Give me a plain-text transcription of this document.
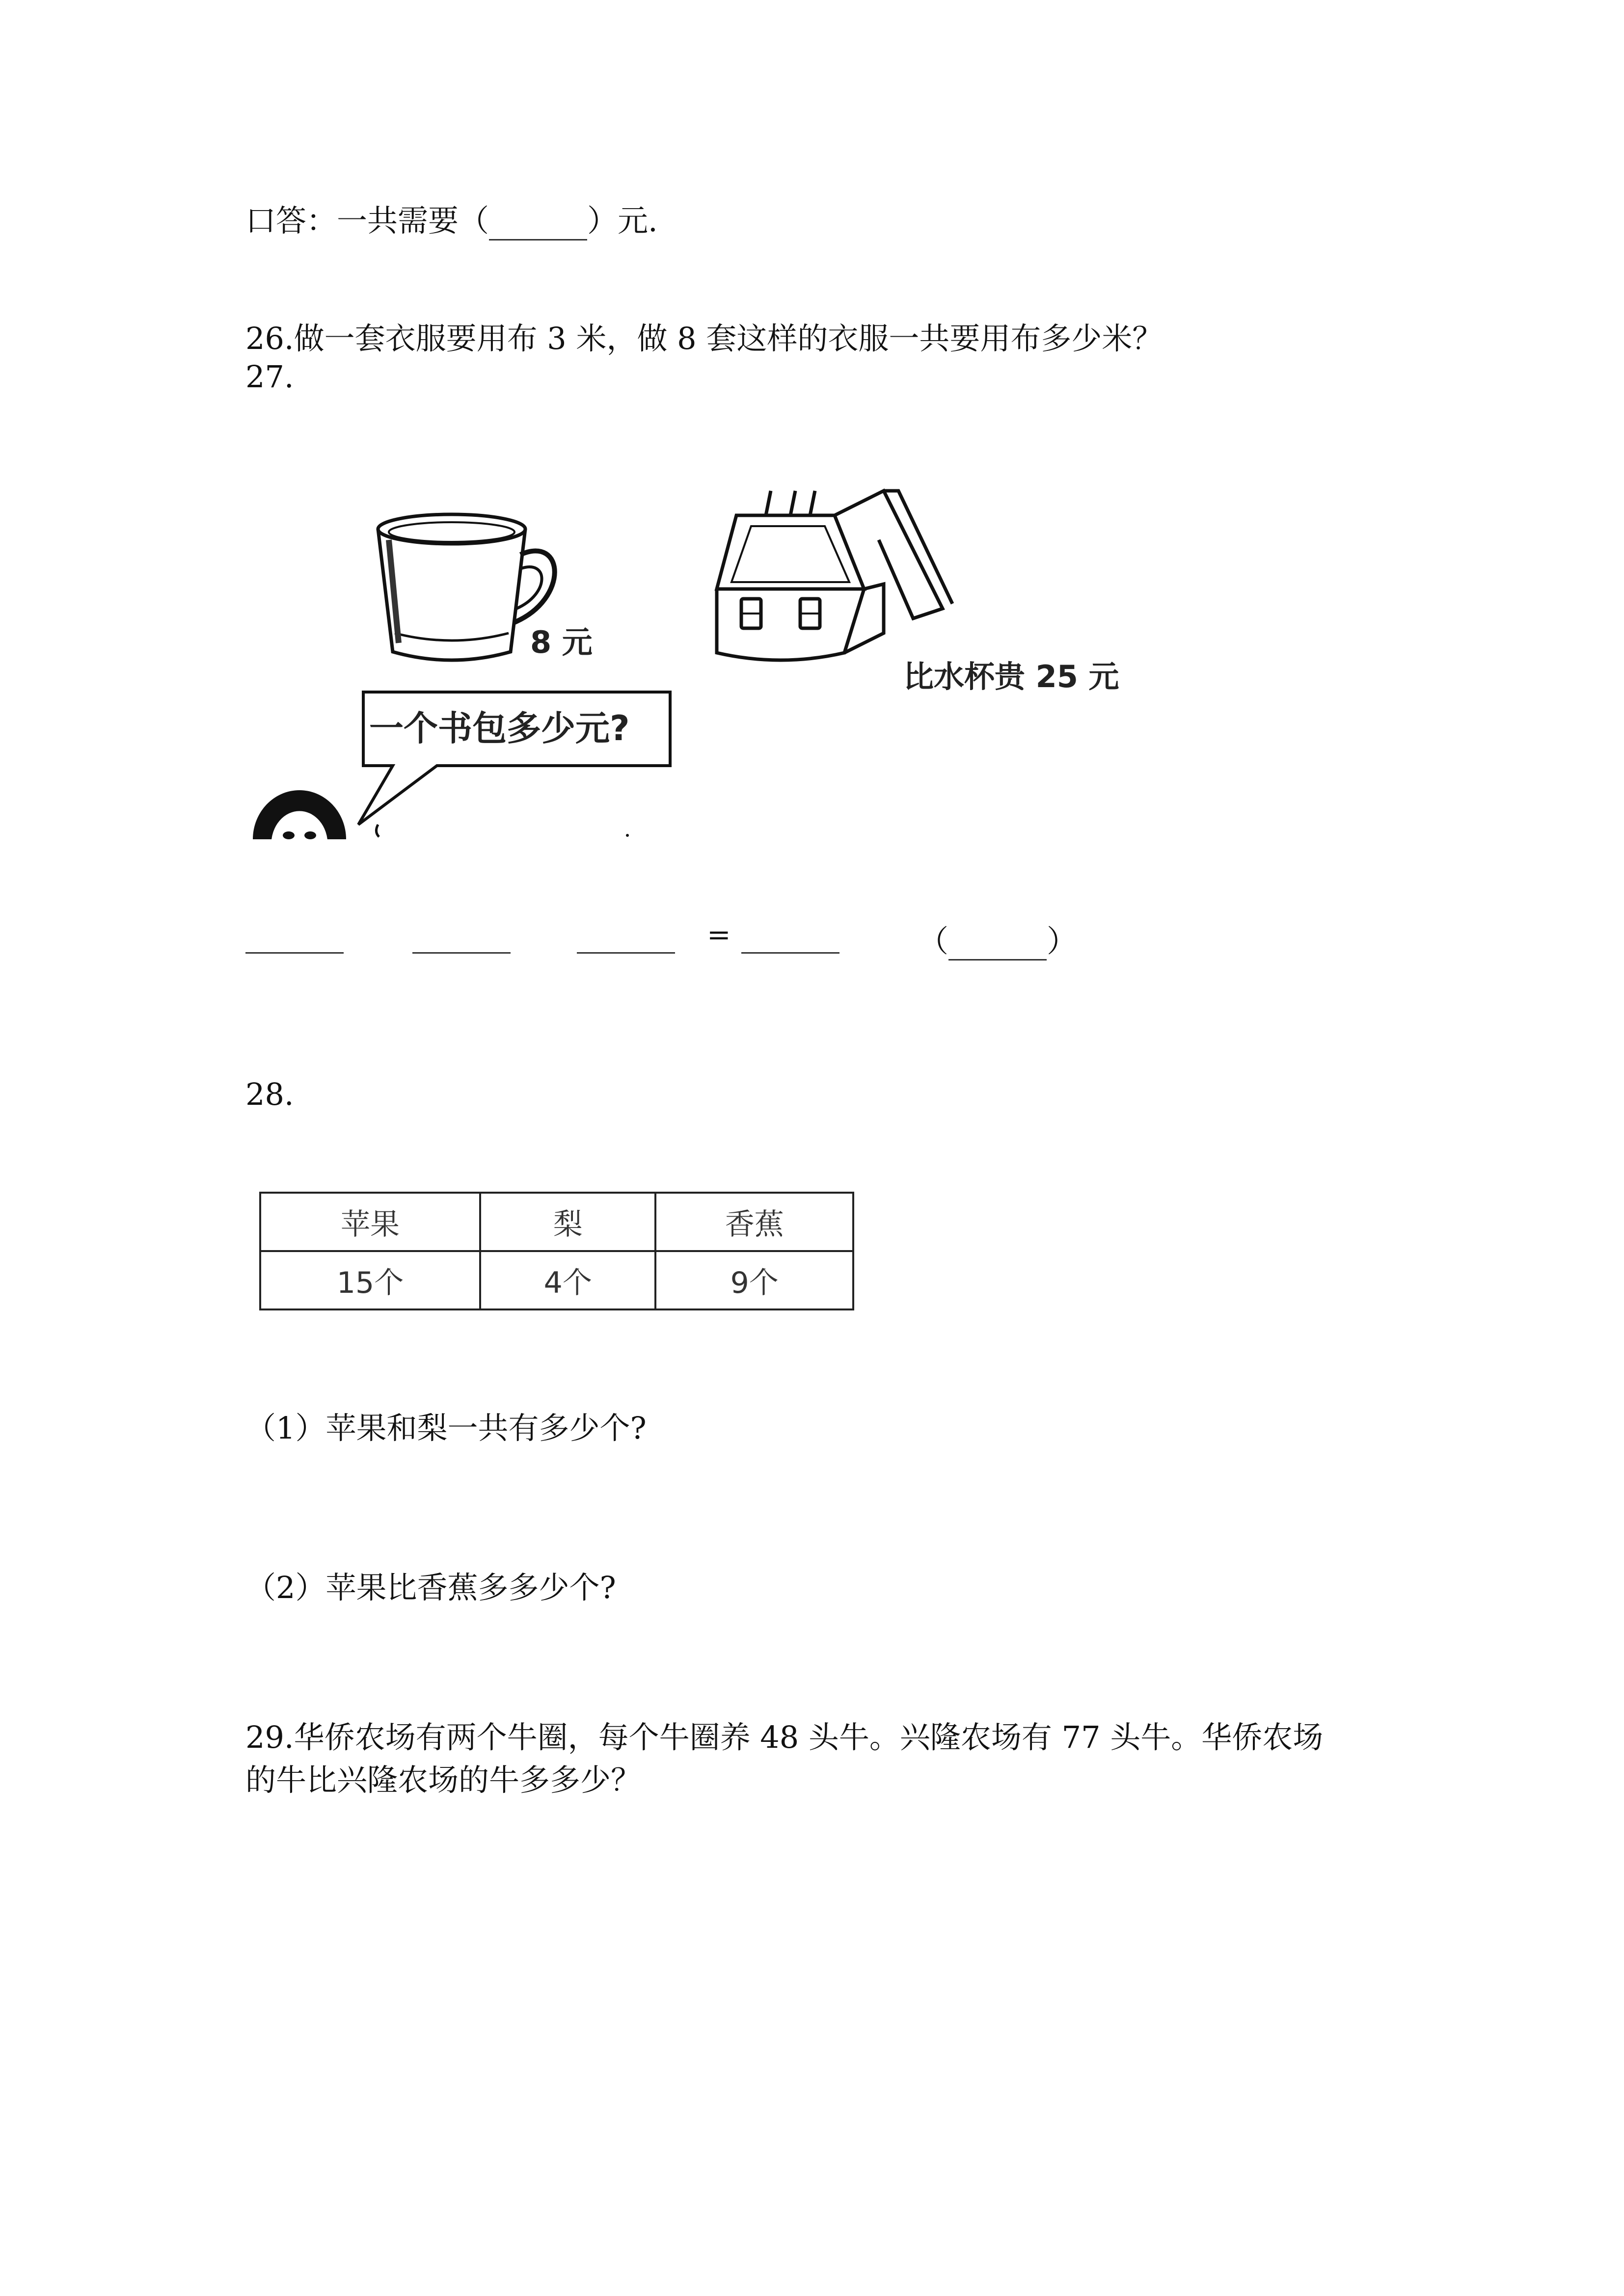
口答：一共需要（	）元.
26.做一套衣服要用布 3 米，做 8 套这样的衣服一共要用布多少米？
27.
8 元
比水杯贵 25 元
一个书包多少元?
=	（	）
28.
苹果	梨	香蕉
15个	4个	9个
（1）苹果和梨一共有多少个?
（2）苹果比香蕉多多少个?
29.华侨农场有两个牛圈，每个牛圈养 48 头牛。兴隆农场有 77 头牛。华侨农场
的牛比兴隆农场的牛多多少？
